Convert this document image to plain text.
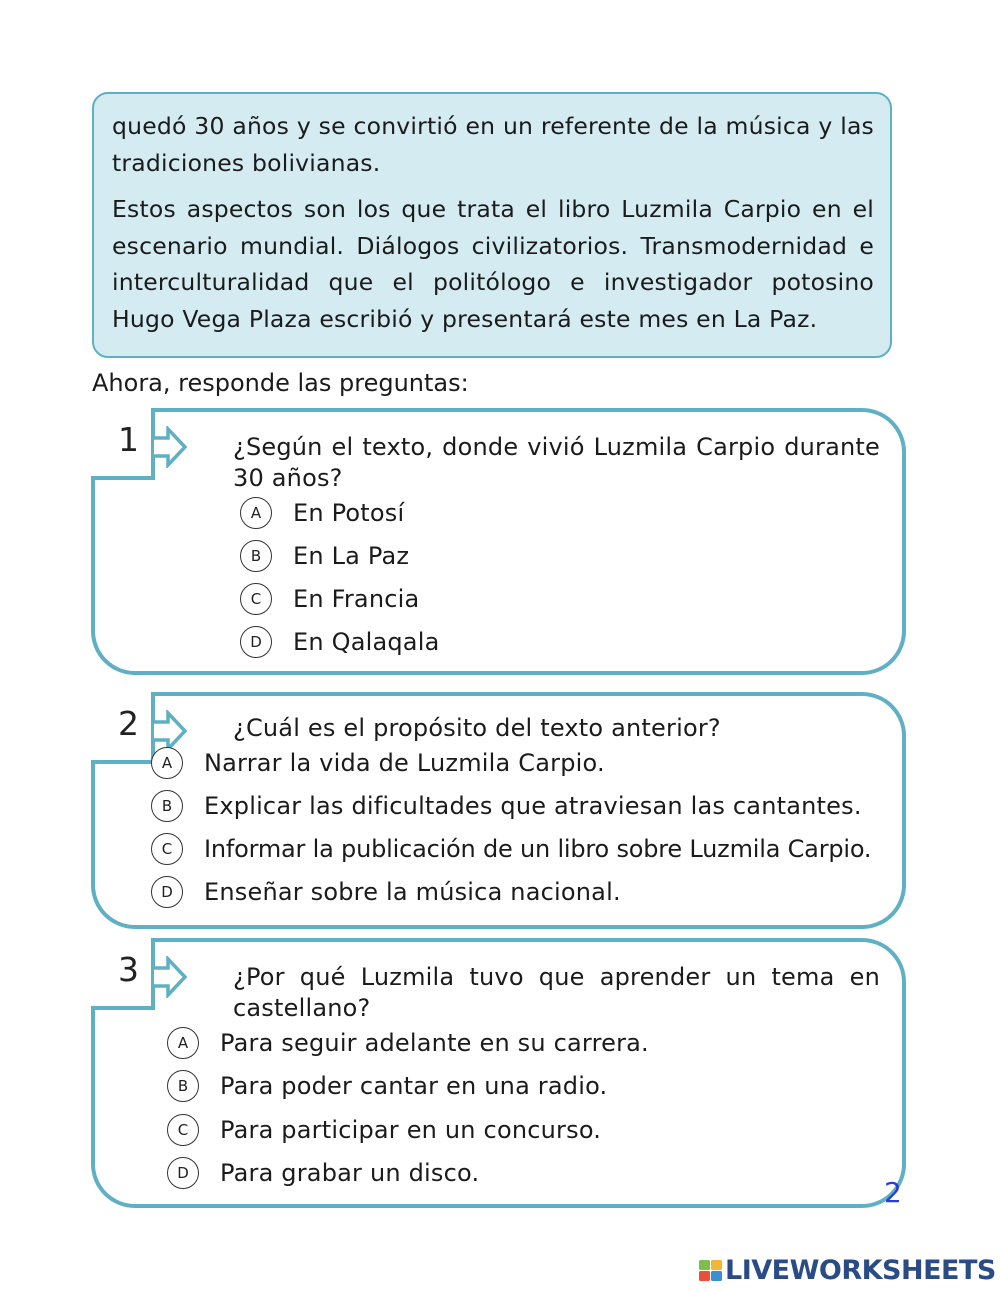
quedó 30 años y se convirtió en un referente de la música y las tradiciones bolivianas.

Estos aspectos son los que trata el libro Luzmila Carpio en el escenario mundial. Diálogos civilizatorios. Transmodernidad e interculturalidad que el politólogo e investigador potosino Hugo Vega Plaza escribió y presentará este mes en La Paz.

Ahora, responde las preguntas:
1	¿Según el texto, donde vivió Luzmila Carpio durante 30 años?
A	En Potosí
B	En La Paz
C	En Francia
D	En Qalaqala
2	¿Cuál es el propósito del texto anterior?
A	Narrar la vida de Luzmila Carpio.
B	Explicar las dificultades que atraviesan las cantantes.
C	Informar la publicación de un libro sobre Luzmila Carpio.
D	Enseñar sobre la música nacional.
3	¿Por qué Luzmila tuvo que aprender un tema en castellano?
A	Para seguir adelante en su carrera.
B	Para poder cantar en una radio.
C	Para participar en un concurso.
D	Para grabar un disco.
2
LIVEWORKSHEETS
